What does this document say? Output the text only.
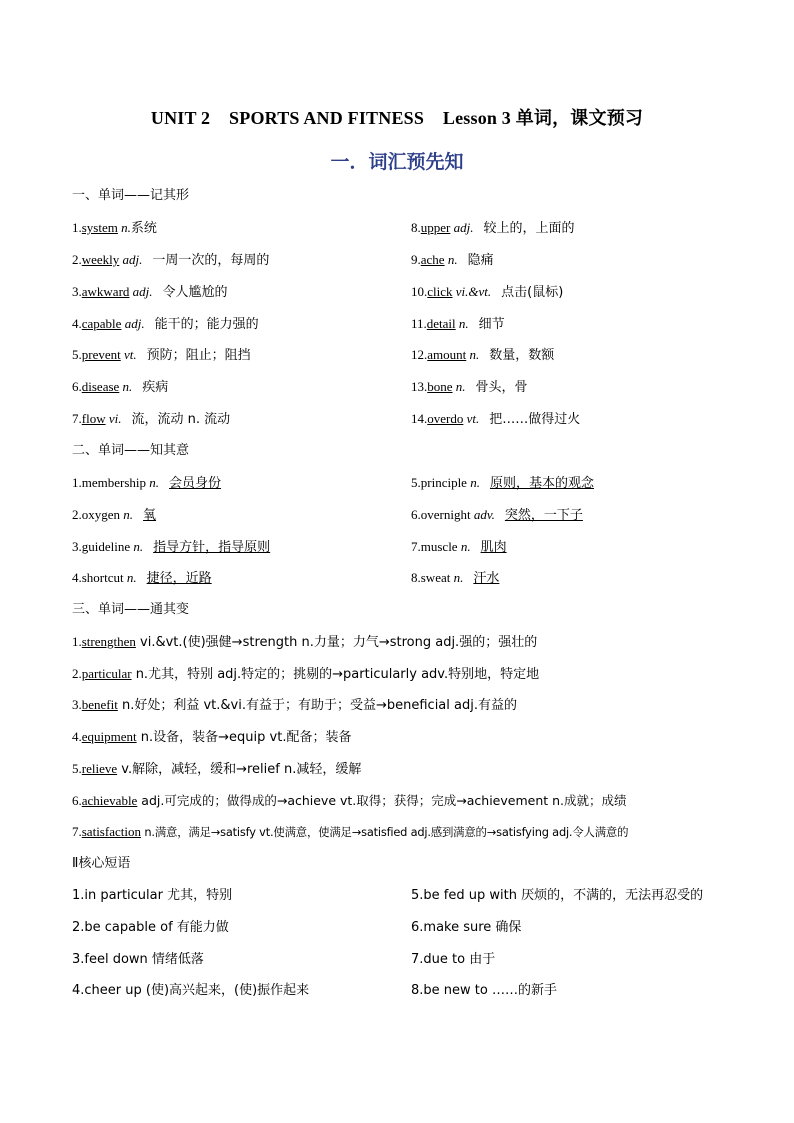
UNIT 2    SPORTS AND FITNESS    Lesson 3 单词，课文预习
一．词汇预先知
一、单词——记其形
1.system n.系统
2.weekly adj. 一周一次的，每周的
3.awkward adj. 令人尴尬的
4.capable adj. 能干的；能力强的
5.prevent vt. 预防；阻止；阻挡
6.disease n. 疾病
7.flow vi. 流，流动 n. 流动
8.upper adj. 较上的，上面的
9.ache n. 隐痛
10.click vi.&vt. 点击(鼠标)
11.detail n. 细节
12.amount n. 数量，数额
13.bone n. 骨头，骨
14.overdo vt. 把……做得过火
二、单词——知其意
1.membership n. 会员身份
2.oxygen n. 氧
3.guideline n. 指导方针，指导原则
4.shortcut n. 捷径，近路
5.principle n. 原则，基本的观念
6.overnight adv. 突然，一下子
7.muscle n. 肌肉
8.sweat n. 汗水
三、单词——通其变
1.strengthen vi.&vt.(使)强健→strength n.力量；力气→strong adj.强的；强壮的
2.particular n.尤其，特别 adj.特定的；挑剔的→particularly adv.特别地，特定地
3.benefit n.好处；利益 vt.&vi.有益于；有助于；受益→beneficial adj.有益的
4.equipment n.设备，装备→equip vt.配备；装备
5.relieve v.解除，减轻，缓和→relief n.减轻，缓解
6.achievable adj.可完成的；做得成的→achieve vt.取得；获得；完成→achievement n.成就；成绩
7.satisfaction n.满意，满足→satisfy vt.使满意，使满足→satisfied adj.感到满意的→satisfying adj.令人满意的
Ⅱ核心短语
1.in particular 尤其，特别
2.be capable of 有能力做
3.feel down 情绪低落
4.cheer up (使)高兴起来，(使)振作起来
5.be fed up with 厌烦的，不满的，无法再忍受的
6.make sure 确保
7.due to 由于
8.be new to ……的新手
